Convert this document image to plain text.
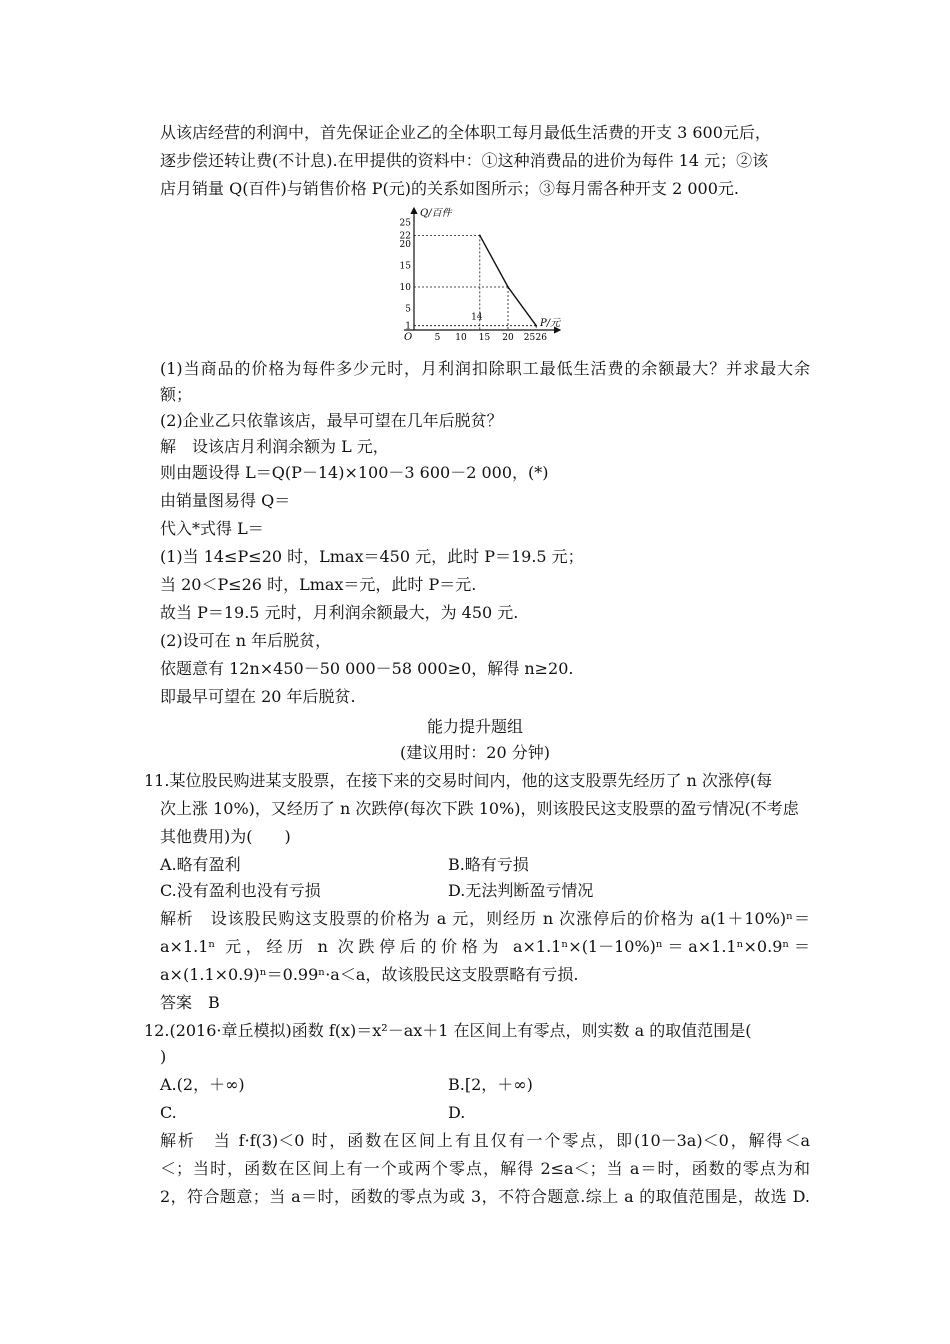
从该店经营的利润中，首先保证企业乙的全体职工每月最低生活费的开支 3 600元后，
逐步偿还转让费(不计息).在甲提供的资料中：①这种消费品的进价为每件 14 元；②该
店月销量 Q(百件)与销售价格 P(元)的关系如图所示；③每月需各种开支 2 000元.
1
5
10
15
20
22
25
5 10 15 20 25 26
Q/百件
P/元
O
14
(1)当商品的价格为每件多少元时，月利润扣除职工最低生活费的余额最大？并求最大余
额；
(2)企业乙只依靠该店，最早可望在几年后脱贫？
解　设该店月利润余额为 L 元，
则由题设得 L＝Q(P－14)×100－3 600－2 000，(*)
由销量图易得 Q＝
代入*式得 L＝
(1)当 14≤P≤20 时，Lmax＝450 元，此时 P＝19.5 元；
当 20＜P≤26 时，Lmax＝元，此时 P＝元.
故当 P＝19.5 元时，月利润余额最大，为 450 元.
(2)设可在 n 年后脱贫，
依题意有 12n×450－50 000－58 000≥0，解得 n≥20.
即最早可望在 20 年后脱贫.
能力提升题组
(建议用时：20 分钟)
11.某位股民购进某支股票，在接下来的交易时间内，他的这支股票先经历了 n 次涨停(每
次上涨 10%)，又经历了 n 次跌停(每次下跌 10%)，则该股民这支股票的盈亏情况(不考虑
其他费用)为(　　)
A.略有盈利	B.略有亏损
C.没有盈利也没有亏损	D.无法判断盈亏情况
解析　设该股民购这支股票的价格为 a 元，则经历 n 次涨停后的价格为 a(1＋10%)ⁿ＝
a×1.1ⁿ 元，经历 n 次跌停后的价格为 a×1.1ⁿ×(1－10%)ⁿ＝a×1.1ⁿ×0.9ⁿ＝
a×(1.1×0.9)ⁿ＝0.99ⁿ·a＜a，故该股民这支股票略有亏损.
答案　B
12.(2016·章丘模拟)函数 f(x)＝x²－ax＋1 在区间上有零点，则实数 a 的取值范围是(
)
A.(2，＋∞)	B.[2，＋∞)
C.	D.
解析　当 f·f(3)＜0 时，函数在区间上有且仅有一个零点，即(10－3a)＜0，解得＜a
＜；当时，函数在区间上有一个或两个零点，解得 2≤a＜；当 a＝时，函数的零点为和
2，符合题意；当 a＝时，函数的零点为或 3，不符合题意.综上 a 的取值范围是，故选 D.
